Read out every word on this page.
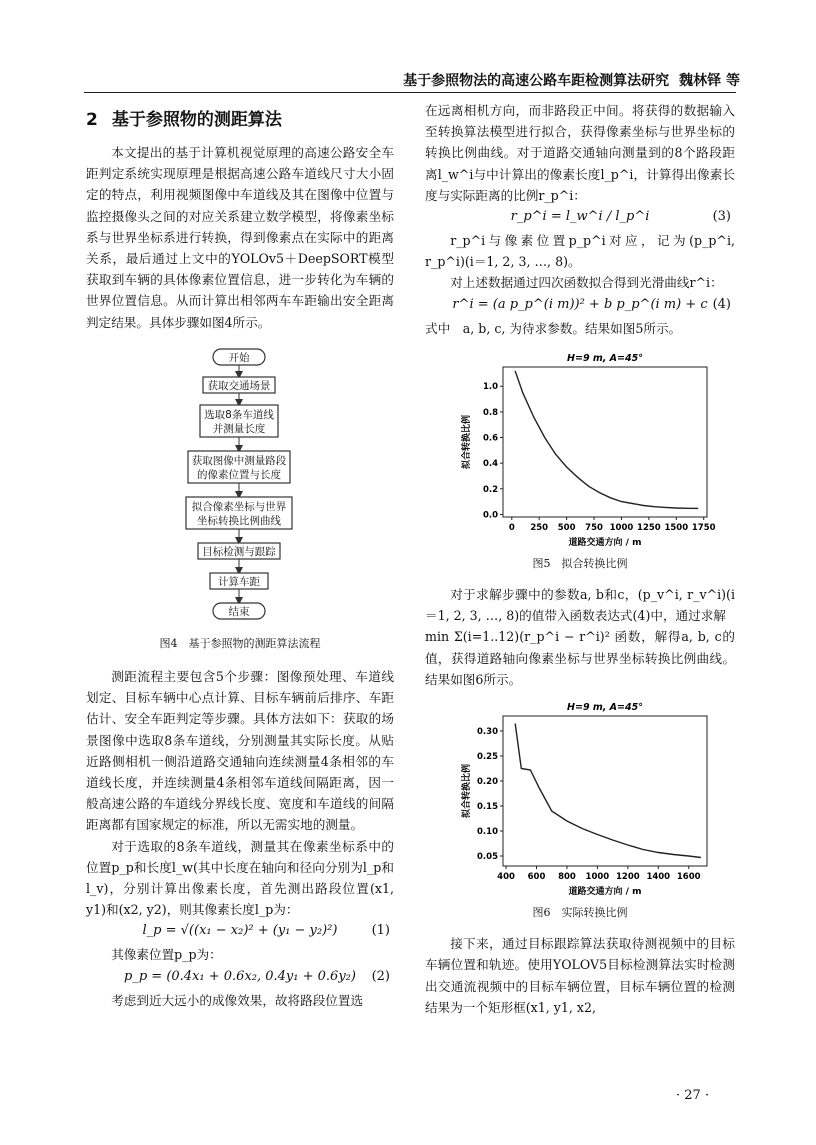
基于参照物法的高速公路车距检测算法研究 魏林铎 等
2 基于参照物的测距算法

本文提出的基于计算机视觉原理的高速公路安全车距判定系统实现原理是根据高速公路车道线尺寸大小固定的特点，利用视频图像中车道线及其在图像中位置与监控摄像头之间的对应关系建立数学模型，将像素坐标系与世界坐标系进行转换，得到像素点在实际中的距离关系，最后通过上文中的YOLOv5＋DeepSORT模型获取到车辆的具体像素位置信息，进一步转化为车辆的世界位置信息。从而计算出相邻两车车距输出安全距离判定结果。具体步骤如图4所示。

开始
获取交通场景
选取8条车道线
并测量长度
获取图像中测量路段
的像素位置与长度
拟合像素坐标与世界
坐标转换比例曲线
目标检测与跟踪
计算车距
结束
图4　基于参照物的测距算法流程

测距流程主要包含5个步骤：图像预处理、车道线划定、目标车辆中心点计算、目标车辆前后排序、车距估计、安全车距判定等步骤。具体方法如下：获取的场景图像中选取8条车道线，分别测量其实际长度。从贴近路侧相机一侧沿道路交通轴向连续测量4条相邻的车道线长度，并连续测量4条相邻车道线间隔距离，因一般高速公路的车道线分界线长度、宽度和车道线的间隔距离都有国家规定的标准，所以无需实地的测量。

对于选取的8条车道线，测量其在像素坐标系中的位置p_p和长度l_w(其中长度在轴向和径向分别为l_p和l_v)，分别计算出像素长度，首先测出路段位置(x1, y1)和(x2, y2)，则其像素长度l_p为：

l_p = √((x₁ − x₂)² + (y₁ − y₂)²)	(1)

其像素位置p_p为：

p_p = (0.4x₁ + 0.6x₂, 0.4y₁ + 0.6y₂) (2)

考虑到近大远小的成像效果，故将路段位置选

在远离相机方向，而非路段正中间。将获得的数据输入至转换算法模型进行拟合，获得像素坐标与世界坐标的转换比例曲线。对于道路交通轴向测量到的8个路段距离l_w^i与中计算出的像素长度l_p^i，计算得出像素长度与实际距离的比例r_p^i：

r_p^i = l_w^i / l_p^i	(3)

r_p^i与像素位置p_p^i对应，记为(p_p^i, r_p^i)(i＝1, 2, 3, …, 8)。

对上述数据通过四次函数拟合得到光滑曲线r^i：

r^i = (a p_p^(i m))² + b p_p^(i m) + c (4)

式中　a, b, c, 为待求参数。结果如图5所示。

H=9 m, A=45°
0 250 500 750 1000 1250 1500 1750
0.0
0.2
0.4
0.6
0.8
1.0
道路交通方向 / m
拟合转换比例
图5　拟合转换比例

对于求解步骤中的参数a, b和c，(p_v^i, r_v^i)(i＝1, 2, 3, …, 8)的值带入函数表达式(4)中，通过求解

min Σ(i=1..12)(r_p^i − r^i)² 函数，解得a, b, c的值，获得道路轴向像素坐标与世界坐标转换比例曲线。结果如图6所示。

H=9 m, A=45°
400 600 800 1000 1200 1400 1600
0.05
0.10
0.15
0.20
0.25
0.30
道路交通方向 / m
拟合转换比例
图6　实际转换比例

接下来，通过目标跟踪算法获取待测视频中的目标车辆位置和轨迹。使用YOLOV5目标检测算法实时检测出交通流视频中的目标车辆位置，目标车辆位置的检测结果为一个矩形框(x1, y1, x2,

· 27 ·
